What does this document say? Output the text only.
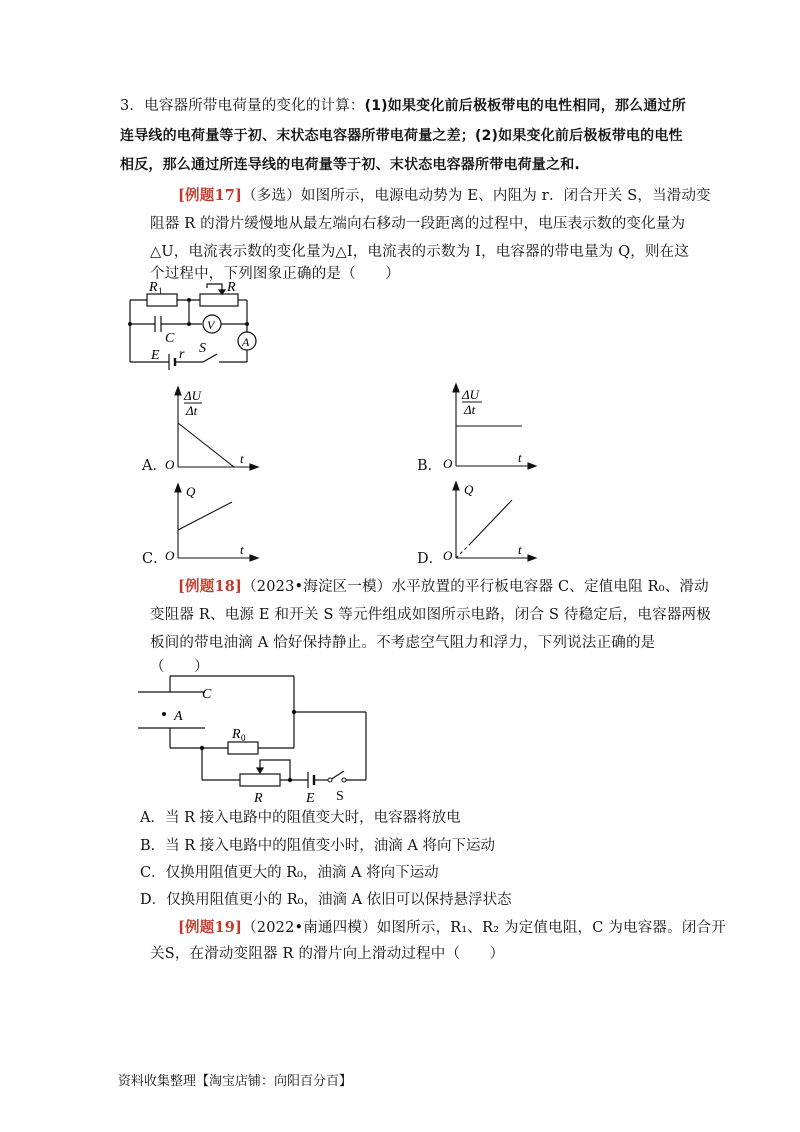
3．电容器所带电荷量的变化的计算：(1)如果变化前后极板带电的电性相同，那么通过所
连导线的电荷量等于初、末状态电容器所带电荷量之差；(2)如果变化前后极板带电的电性
相反，那么通过所连导线的电荷量等于初、末状态电容器所带电荷量之和.
[例题17]（多选）如图所示，电源电动势为 E、内阻为 r．闭合开关 S，当滑动变
阻器 R 的滑片缓慢地从最左端向右移动一段距离的过程中，电压表示数的变化量为
△U，电流表示数的变化量为△I，电流表的示数为 I，电容器的带电量为 Q，则在这
个过程中，下列图象正确的是（　　）
R 1	R
C
V
A
E r S
A．
ΔU
Δt
t
O	B．
ΔU
Δt
t
O
C．
Q
t
O	D．
Q
t
O
[例题18]（2023•海淀区一模）水平放置的平行板电容器 C、定值电阻 R₀、滑动
变阻器 R、电源 E 和开关 S 等元件组成如图所示电路，闭合 S 待稳定后，电容器两极
板间的带电油滴 A 恰好保持静止。不考虑空气阻力和浮力，下列说法正确的是
（　　）
C
A
R 0
R	E S
A．当 R 接入电路中的阻值变大时，电容器将放电
B．当 R 接入电路中的阻值变小时，油滴 A 将向下运动
C．仅换用阻值更大的 R₀，油滴 A 将向下运动
D．仅换用阻值更小的 R₀，油滴 A 依旧可以保持悬浮状态
[例题19]（2022•南通四模）如图所示，R₁、R₂ 为定值电阻，C 为电容器。闭合开
关S，在滑动变阻器 R 的滑片向上滑动过程中（　　）
资料收集整理【淘宝店铺：向阳百分百】
